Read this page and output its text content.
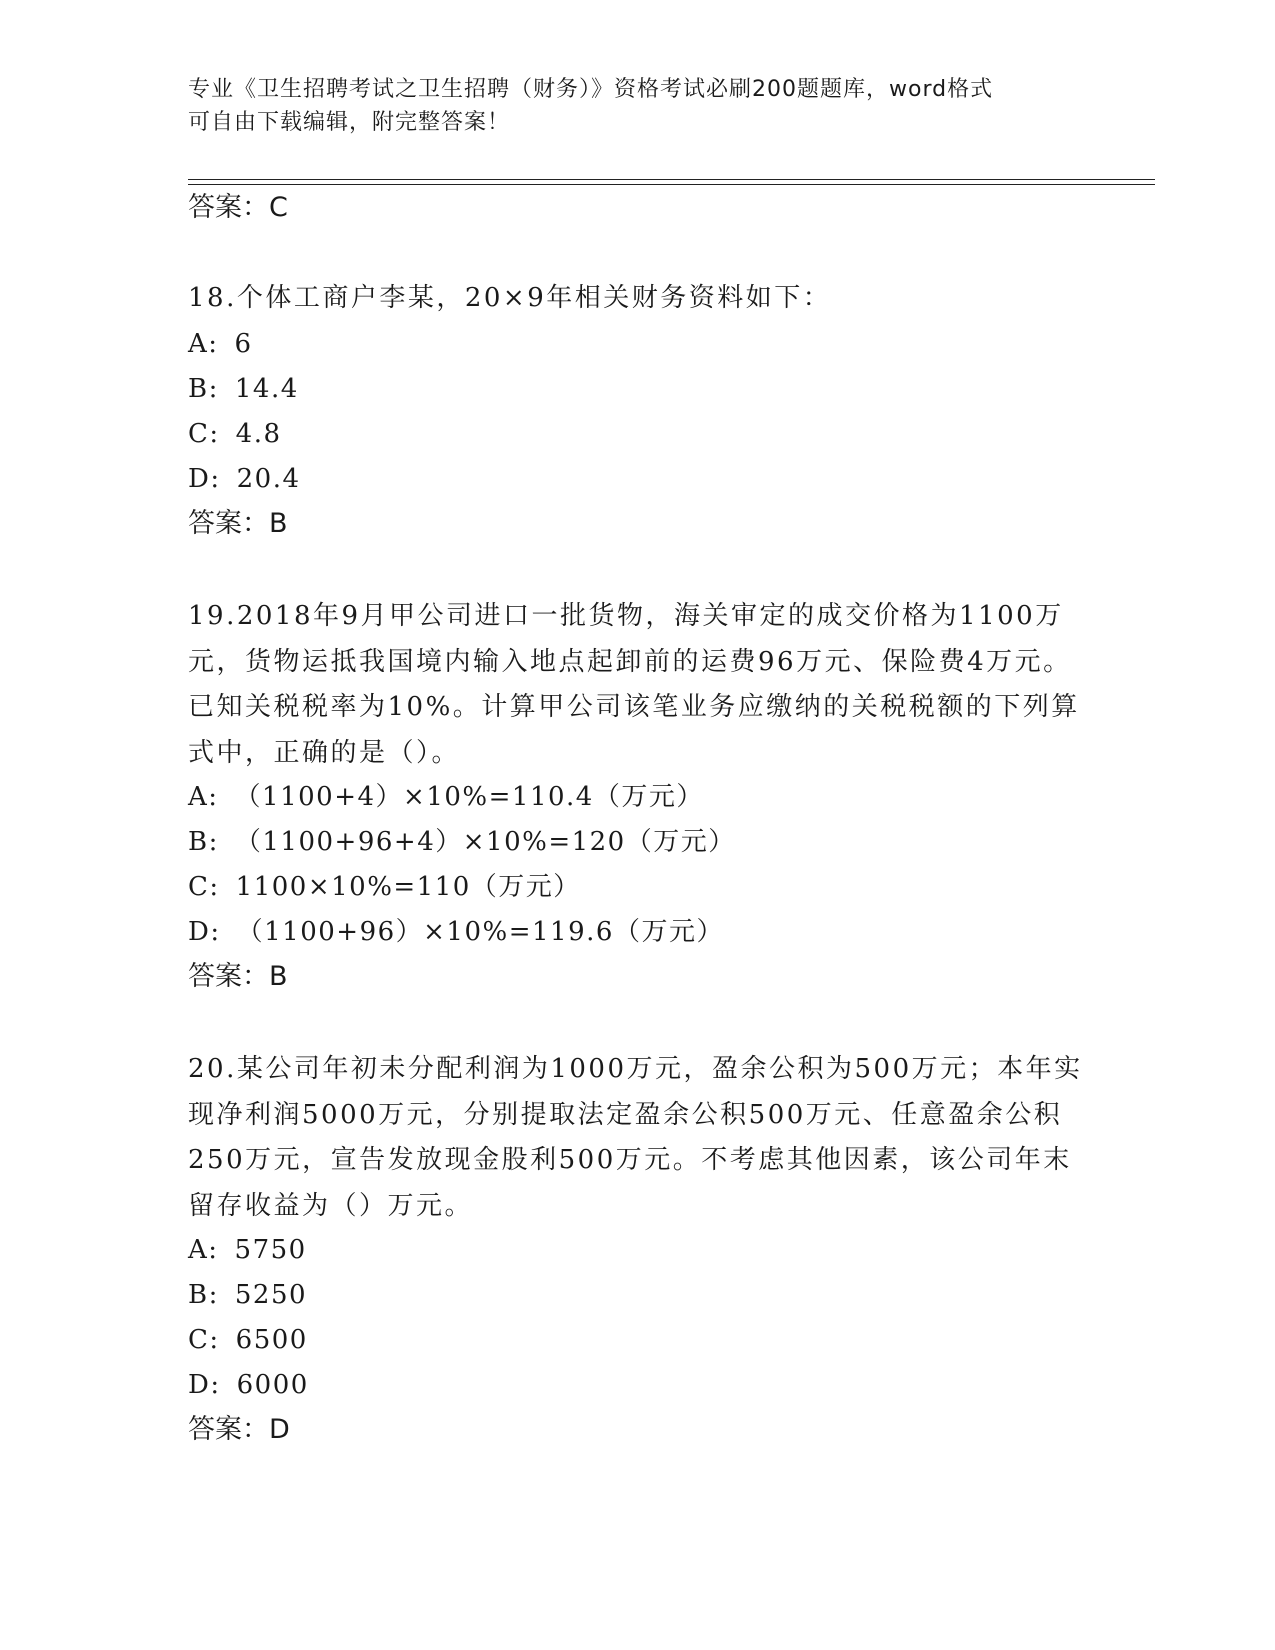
专业《卫生招聘考试之卫生招聘（财务）》资格考试必刷200题题库，word格式
可自由下载编辑，附完整答案！
答案：C
18.个体工商户李某，20×9年相关财务资料如下：
A: 6
B: 14.4
C: 4.8
D: 20.4
答案：B
19.2018年9月甲公司进口一批货物，海关审定的成交价格为1100万元，货物运抵我国境内输入地点起卸前的运费96万元、保险费4万元。已知关税税率为10%。计算甲公司该笔业务应缴纳的关税税额的下列算式中，正确的是（）。
A: （1100+4）×10%=110.4（万元）
B: （1100+96+4）×10%=120（万元）
C: 1100×10%=110（万元）
D: （1100+96）×10%=119.6（万元）
答案：B
20.某公司年初未分配利润为1000万元，盈余公积为500万元；本年实现净利润5000万元，分别提取法定盈余公积500万元、任意盈余公积250万元，宣告发放现金股利500万元。不考虑其他因素，该公司年末留存收益为（）万元。
A: 5750
B: 5250
C: 6500
D: 6000
答案：D
